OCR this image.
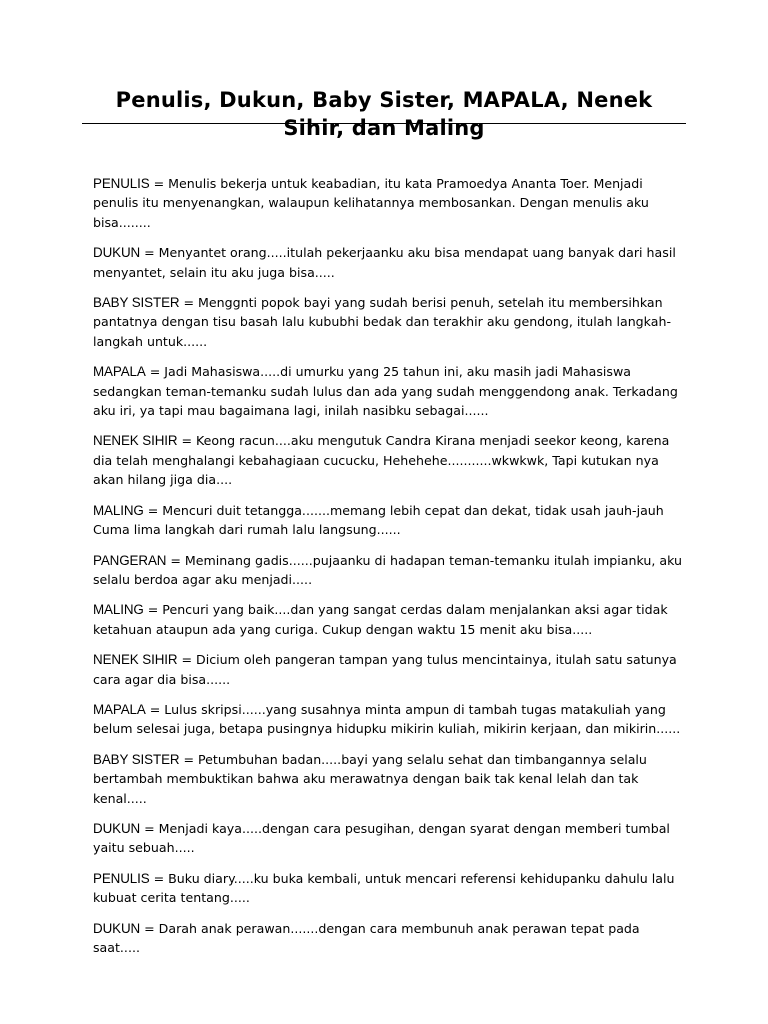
Penulis, Dukun, Baby Sister, MAPALA, Nenek Sihir, dan Maling

PENULIS = Menulis bekerja untuk keabadian, itu kata Pramoedya Ananta Toer. Menjadi penulis itu menyenangkan, walaupun kelihatannya membosankan. Dengan menulis aku bisa........

DUKUN = Menyantet orang.....itulah pekerjaanku aku bisa mendapat uang banyak dari hasil menyantet, selain itu aku juga bisa.....

BABY SISTER = Menggnti popok bayi yang sudah berisi penuh, setelah itu membersihkan pantatnya dengan tisu basah lalu kububhi bedak dan terakhir aku gendong, itulah langkah-langkah untuk......

MAPALA = Jadi Mahasiswa.....di umurku yang 25 tahun ini, aku masih jadi Mahasiswa sedangkan teman-temanku sudah lulus dan ada yang sudah menggendong anak. Terkadang aku iri, ya tapi mau bagaimana lagi, inilah nasibku sebagai......

NENEK SIHIR = Keong racun....aku mengutuk Candra Kirana menjadi seekor keong, karena dia telah menghalangi kebahagiaan cucucku, Hehehehe...........wkwkwk, Tapi kutukan nya akan hilang jiga dia....

MALING = Mencuri duit tetangga.......memang lebih cepat dan dekat, tidak usah jauh-jauh Cuma lima langkah dari rumah lalu langsung......

PANGERAN = Meminang gadis......pujaanku di hadapan teman-temanku itulah impianku, aku selalu berdoa agar aku menjadi.....

MALING = Pencuri yang baik....dan yang sangat cerdas dalam menjalankan aksi agar tidak ketahuan ataupun ada yang curiga. Cukup dengan waktu 15 menit aku bisa.....

NENEK SIHIR = Dicium oleh pangeran tampan yang tulus mencintainya, itulah satu satunya cara agar dia bisa......

MAPALA = Lulus skripsi......yang susahnya minta ampun di tambah tugas matakuliah yang belum selesai juga, betapa pusingnya hidupku mikirin kuliah, mikirin kerjaan, dan mikirin......

BABY SISTER = Petumbuhan badan.....bayi yang selalu sehat dan timbangannya selalu bertambah membuktikan bahwa aku merawatnya dengan baik tak kenal lelah dan tak kenal.....

DUKUN = Menjadi kaya.....dengan cara pesugihan, dengan syarat dengan memberi tumbal yaitu sebuah.....

PENULIS = Buku diary.....ku buka kembali, untuk mencari referensi kehidupanku dahulu lalu kubuat cerita tentang.....

DUKUN = Darah anak perawan.......dengan cara membunuh anak perawan tepat pada saat.....
